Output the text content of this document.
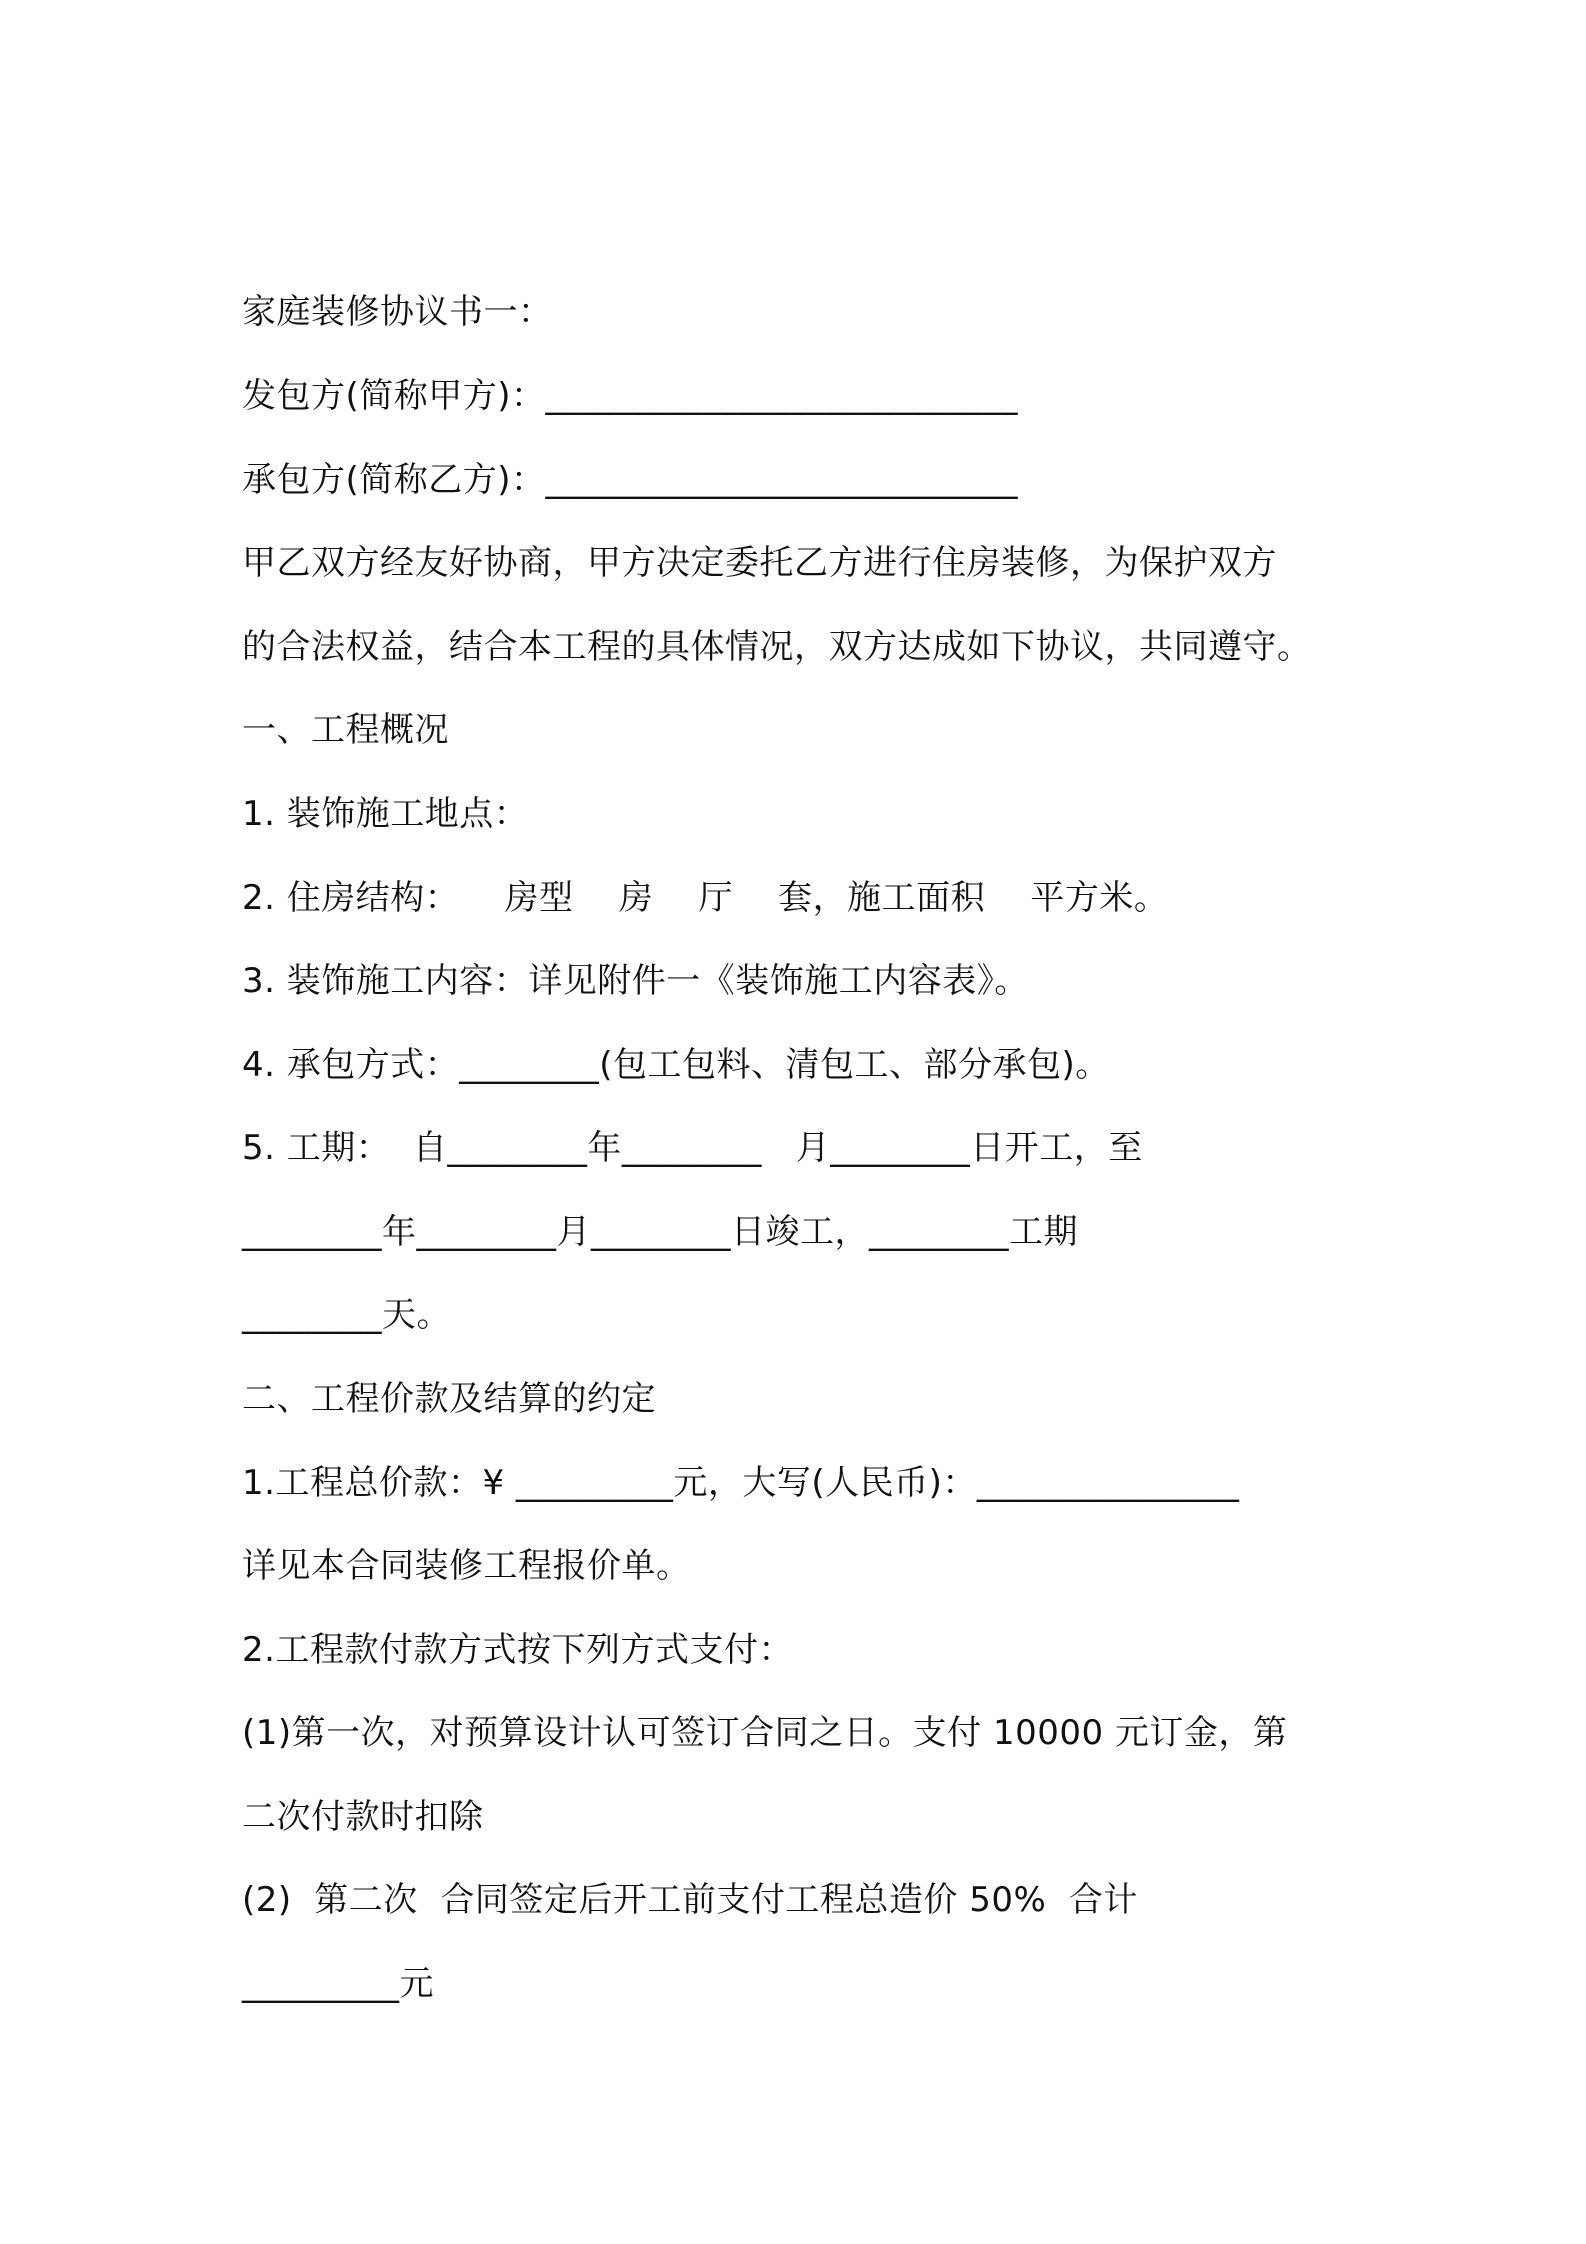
家庭装修协议书一：

发包方(简称甲方)：___________________________

承包方(简称乙方)：___________________________

甲乙双方经友好协商，甲方决定委托乙方进行住房装修，为保护双方

的合法权益，结合本工程的具体情况，双方达成如下协议，共同遵守。

一、工程概况

1. 装饰施工地点：

2. 住房结构：    房型    房    厅    套，施工面积    平方米。

3. 装饰施工内容：详见附件一《装饰施工内容表》。

4. 承包方式：________(包工包料、清包工、部分承包)。

5. 工期：  自________年________   月________日开工，至

________年________月________日竣工，________工期

________天。

二、工程价款及结算的约定

1.工程总价款：¥ _________元，大写(人民币)：_______________

详见本合同装修工程报价单。

2.工程款付款方式按下列方式支付：

(1)第一次，对预算设计认可签订合同之日。支付 10000 元订金，第

二次付款时扣除

(2)  第二次  合同签定后开工前支付工程总造价 50%  合计

_________元
